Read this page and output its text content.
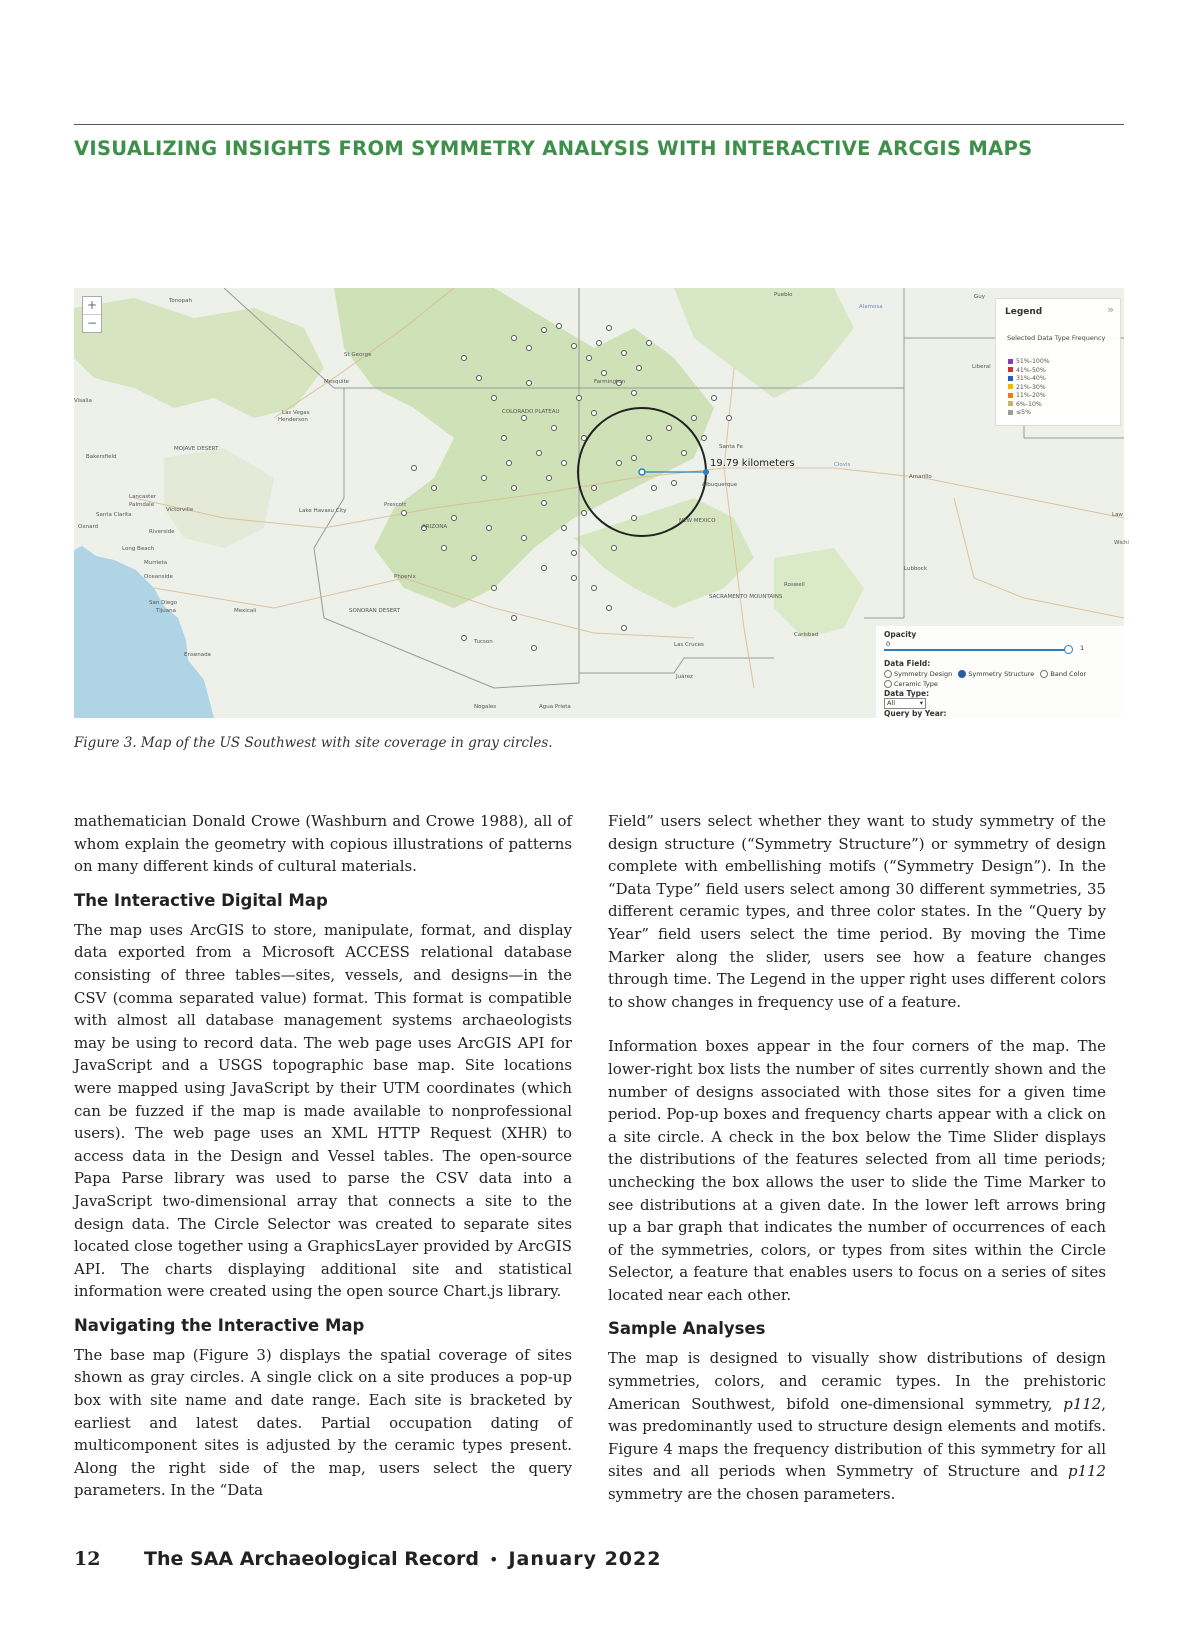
VISUALIZING INSIGHTS FROM SYMMETRY ANALYSIS WITH INTERACTIVE ARCGIS MAPS
19.79 kilometers
Pueblo
Alamosa
Tonopah
St George
Mesquite
COLORADO PLATEAU
Las Vegas
Henderson
MOJAVE DESERT
Bakersfield
Visalia
Lancaster
Palmdale
Victorville
Santa Clarita
Oxnard
Riverside
Long Beach
Murrieta
Oceanside
San Diego
Tijuana
Ensenada
Mexicali
Lake Havasu City
Prescott
ARIZONA
Phoenix
SONORAN DESERT
Tucson
Nogales	Agua Prieta
Santa Fe
Albuquerque
NEW MEXICO
Amarillo
Clovis
Lubbock
Roswell
SACRAMENTO MOUNTAINS
Carlsbad
Las Cruces
Juárez
Farmington
Liberal
Law
Wichi
Guy
+
−
Legend	»
Selected Data Type Frequency
51%-100%
41%-50%
31%-40%
21%-30%
11%-20%
6%-10%
≤5%
Opacity
0	1
Data Field:
Symmetry Design Symmetry Structure Band Color
Ceramic Type
Data Type:
All	▾
Query by Year:
Figure 3. Map of the US Southwest with site coverage in gray circles.

mathematician Donald Crowe (Washburn and Crowe 1988), all of whom explain the geometry with copious illustrations of patterns on many different kinds of cultural materials.

The Interactive Digital Map

The map uses ArcGIS to store, manipulate, format, and display data exported from a Microsoft ACCESS relational database consisting of three tables—sites, vessels, and designs—in the CSV (comma separated value) format. This format is compatible with almost all database management systems archaeologists may be using to record data. The web page uses ArcGIS API for JavaScript and a USGS topographic base map. Site locations were mapped using JavaScript by their UTM coordinates (which can be fuzzed if the map is made available to nonprofessional users). The web page uses an XML HTTP Request (XHR) to access data in the Design and Vessel tables. The open-source Papa Parse library was used to parse the CSV data into a JavaScript two-dimensional array that connects a site to the design data. The Circle Selector was created to separate sites located close together using a GraphicsLayer provided by ArcGIS API. The charts displaying additional site and statistical information were created using the open source Chart.js library.

Navigating the Interactive Map

The base map (Figure 3) displays the spatial coverage of sites shown as gray circles. A single click on a site produces a pop-up box with site name and date range. Each site is bracketed by earliest and latest dates. Partial occupation dating of multicomponent sites is adjusted by the ceramic types present. Along the right side of the map, users select the query parameters. In the “Data

Field” users select whether they want to study symmetry of the design structure (“Symmetry Structure”) or symmetry of design complete with embellishing motifs (“Symmetry Design”). In the “Data Type” field users select among 30 different symmetries, 35 different ceramic types, and three color states. In the “Query by Year” field users select the time period. By moving the Time Marker along the slider, users see how a feature changes through time. The Legend in the upper right uses different colors to show changes in frequency use of a feature.

Information boxes appear in the four corners of the map. The lower-right box lists the number of sites currently shown and the number of designs associated with those sites for a given time period. Pop-up boxes and frequency charts appear with a click on a site circle. A check in the box below the Time Slider displays the distributions of the features selected from all time periods; unchecking the box allows the user to slide the Time Marker to see distributions at a given date. In the lower left arrows bring up a bar graph that indicates the number of occurrences of each of the symmetries, colors, or types from sites within the Circle Selector, a feature that enables users to focus on a series of sites located near each other.

Sample Analyses

The map is designed to visually show distributions of design symmetries, colors, and ceramic types. In the prehistoric American Southwest, bifold one-dimensional symmetry, p112, was predominantly used to structure design elements and motifs. Figure 4 maps the frequency distribution of this symmetry for all sites and all periods when Symmetry of Structure and p112 symmetry are the chosen parameters.

12 The SAA Archaeological Record • January 2022
